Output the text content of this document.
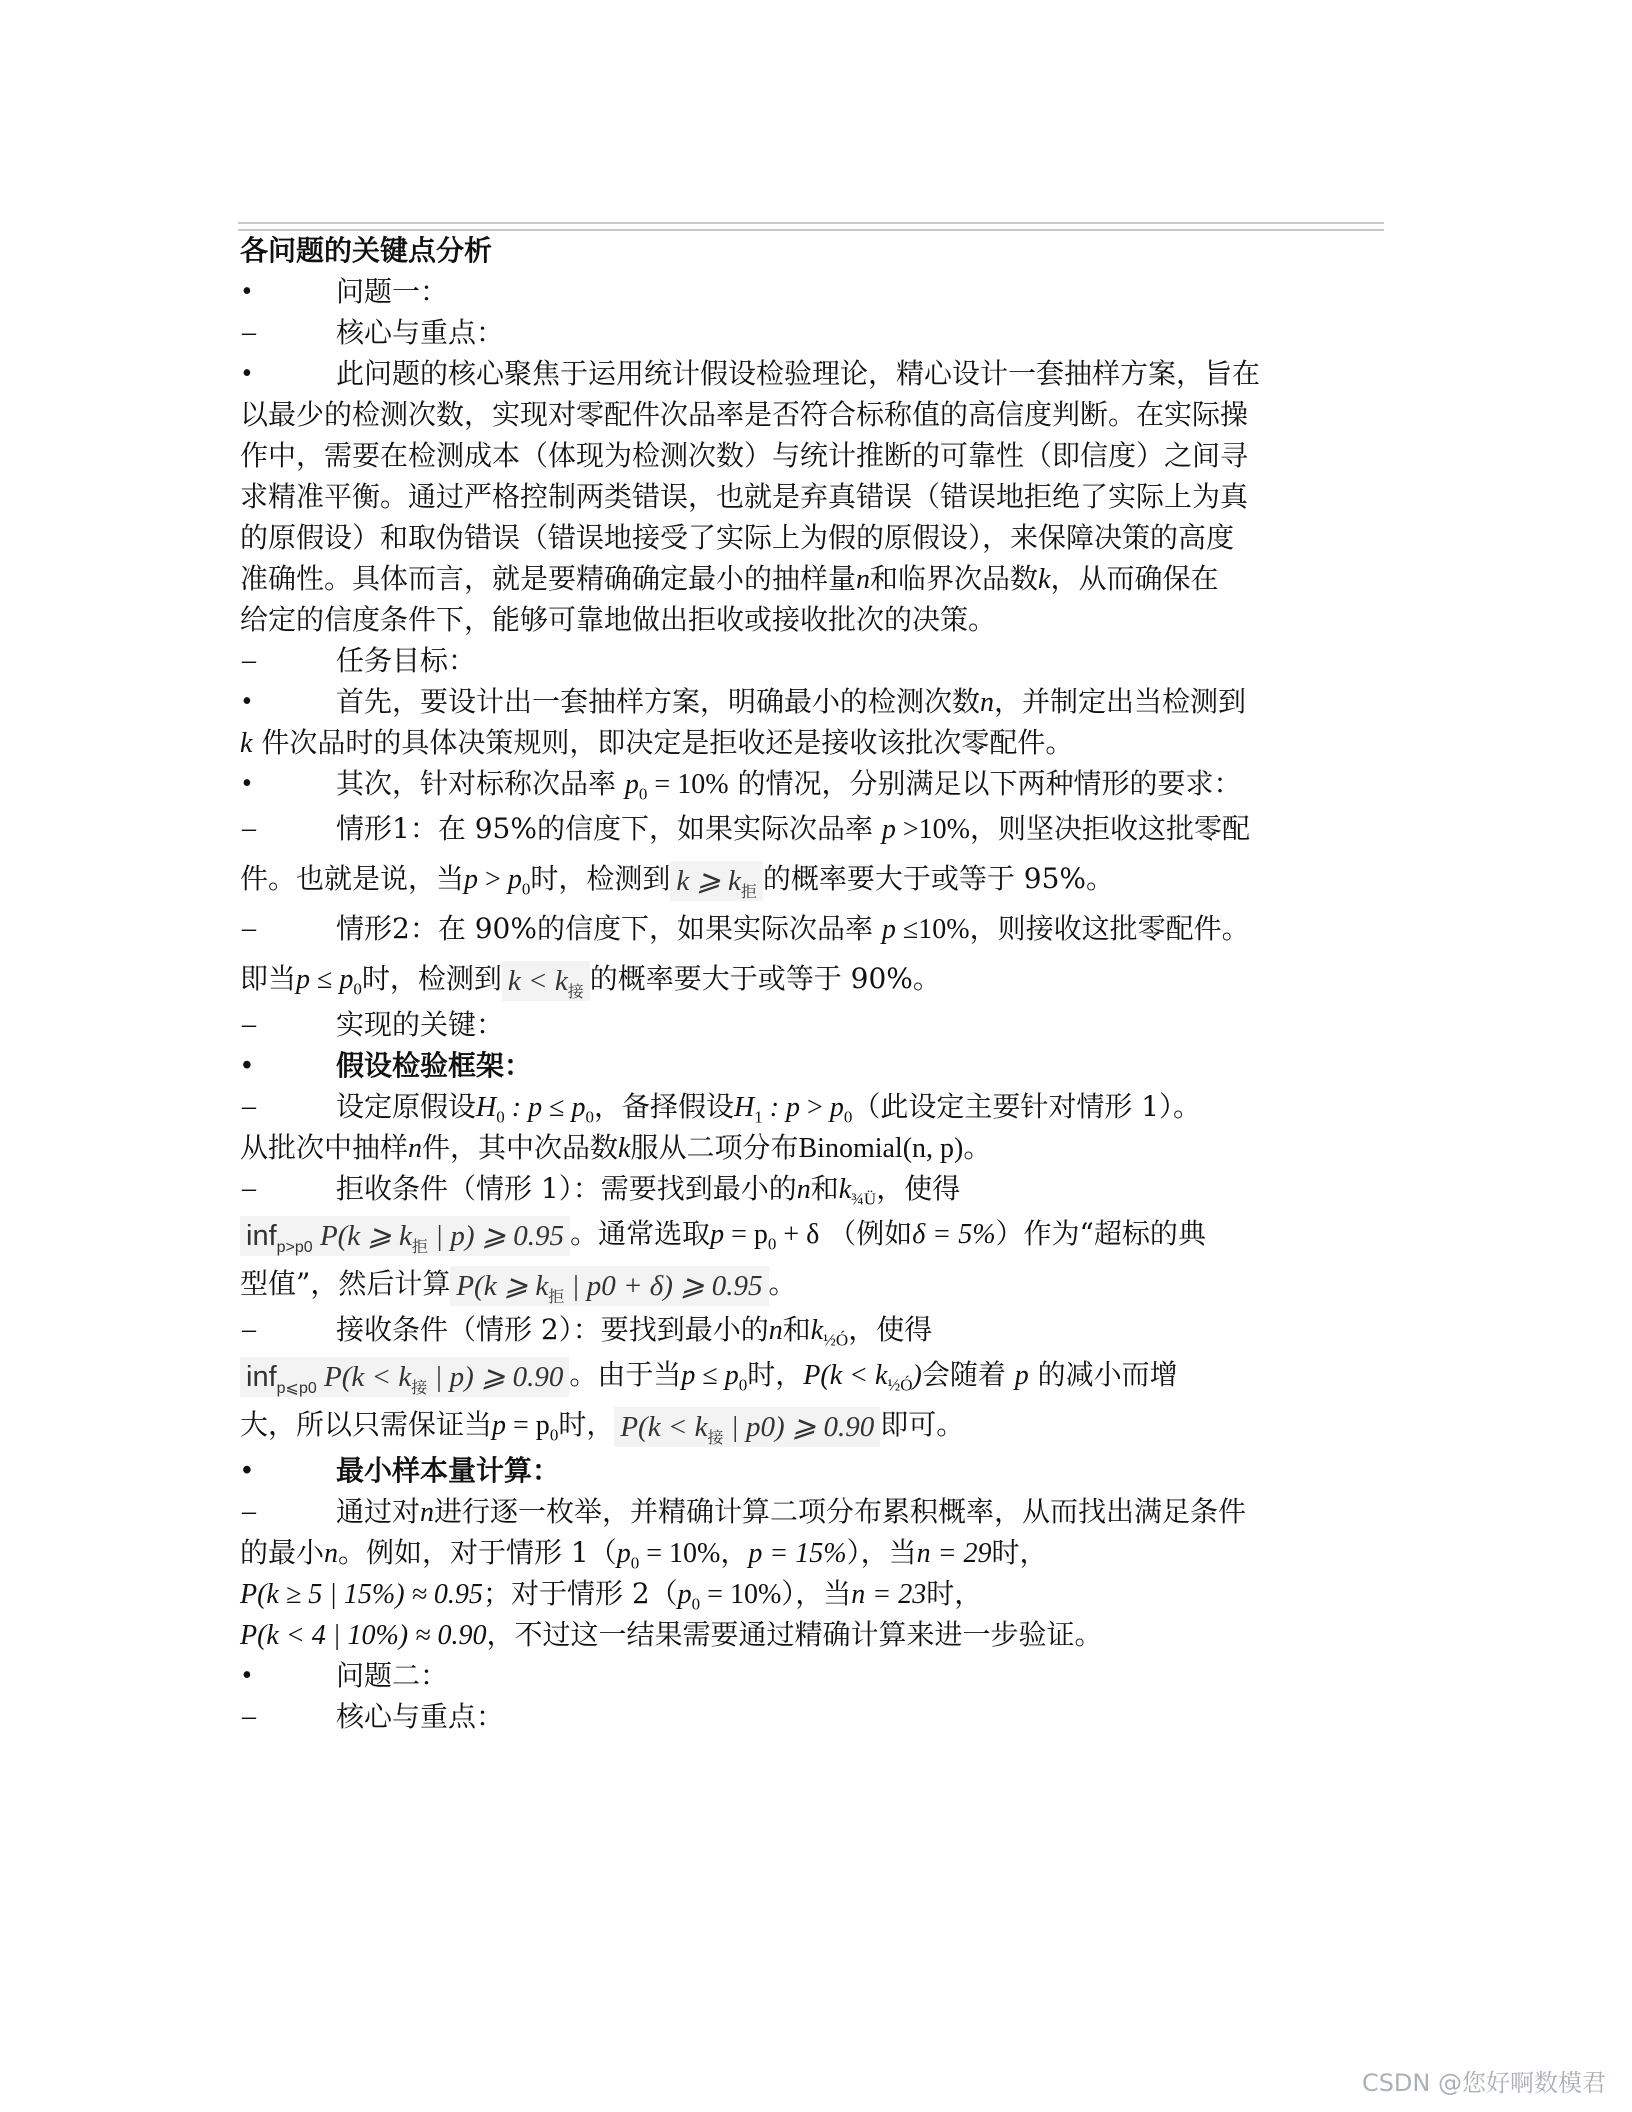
各问题的关键点分析
•	问题一：
–	核心与重点：
•	此问题的核心聚焦于运用统计假设检验理论，精心设计一套抽样方案，旨在
以最少的检测次数，实现对零配件次品率是否符合标称值的高信度判断。在实际操
作中，需要在检测成本（体现为检测次数）与统计推断的可靠性（即信度）之间寻
求精准平衡。通过严格控制两类错误，也就是弃真错误（错误地拒绝了实际上为真
的原假设）和取伪错误（错误地接受了实际上为假的原假设），来保障决策的高度
准确性。具体而言，就是要精确确定最小的抽样量n和临界次品数k，从而确保在
给定的信度条件下，能够可靠地做出拒收或接收批次的决策。
–	任务目标：
•	首先，要设计出一套抽样方案，明确最小的检测次数n，并制定出当检测到
k 件次品时的具体决策规则，即决定是拒收还是接收该批次零配件。
•	其次，针对标称次品率 $p_0 = 10\%$ 的情况，分别满足以下两种情形的要求：
–	情形1：在 95%的信度下，如果实际次品率 p >10%，则坚决拒收这批零配
件。也就是说，当$p > p_0$时，检测到 k ⩾ $k_拒$ 的概率要大于或等于 95%。
–	情形2：在 90%的信度下，如果实际次品率 p ≤10%，则接收这批零配件。
即当$p \le p_0$时，检测到 $k < k_接$ 的概率要大于或等于 90%。
–	实现的关键：
•	假设检验框架：
–	设定原假设$H_0$ : $p \le p_0$，备择假设$H_1$ : $p > p_0$（此设定主要针对情形 1）。
从批次中抽样n件，其中次品数k服从二项分布Binomial(n, p)。
–	拒收条件（情形 1）：需要找到最小的n和$k_{\frac{3}{4}Ü}$，使得
inf$_{p>p0}$ P(k ⩾ $k_拒$ | p) ⩾ 0.95 。通常选取$p = p_0 + \delta$ （例如δ = 5%）作为“超标的典
型值”，然后计算 P(k ⩾ $k_拒$ | p0 + δ) ⩾ 0.95 。
–	接收条件（情形 2）：要找到最小的n和$k_{\frac{1}{2}Ó}$，使得
inf$_{p⩽p0}$ $P(k < k_接$ | p) ⩾ 0.90 。由于当$p \le p_0$时，$P(k < k_{\frac{1}{2}Ó})$会随着 p 的减小而增
大，所以只需保证当$p = p_0$时， $P(k < k_接$ | p0) ⩾ 0.90 即可。
•	最小样本量计算：
–	通过对n进行逐一枚举，并精确计算二项分布累积概率，从而找出满足条件
的最小n。例如，对于情形 $1(p_0 = 10\%$，p = 15%），当n = 29时，
P(k ≥ 5 | 15%) ≈ 0.95；对于情形 $2(p_0 = 10\%)$，当n = 23时，
P(k < 4 | 10%) ≈ 0.90，不过这一结果需要通过精确计算来进一步验证。
•	问题二：
–	核心与重点：
CSDN @您好啊数模君
